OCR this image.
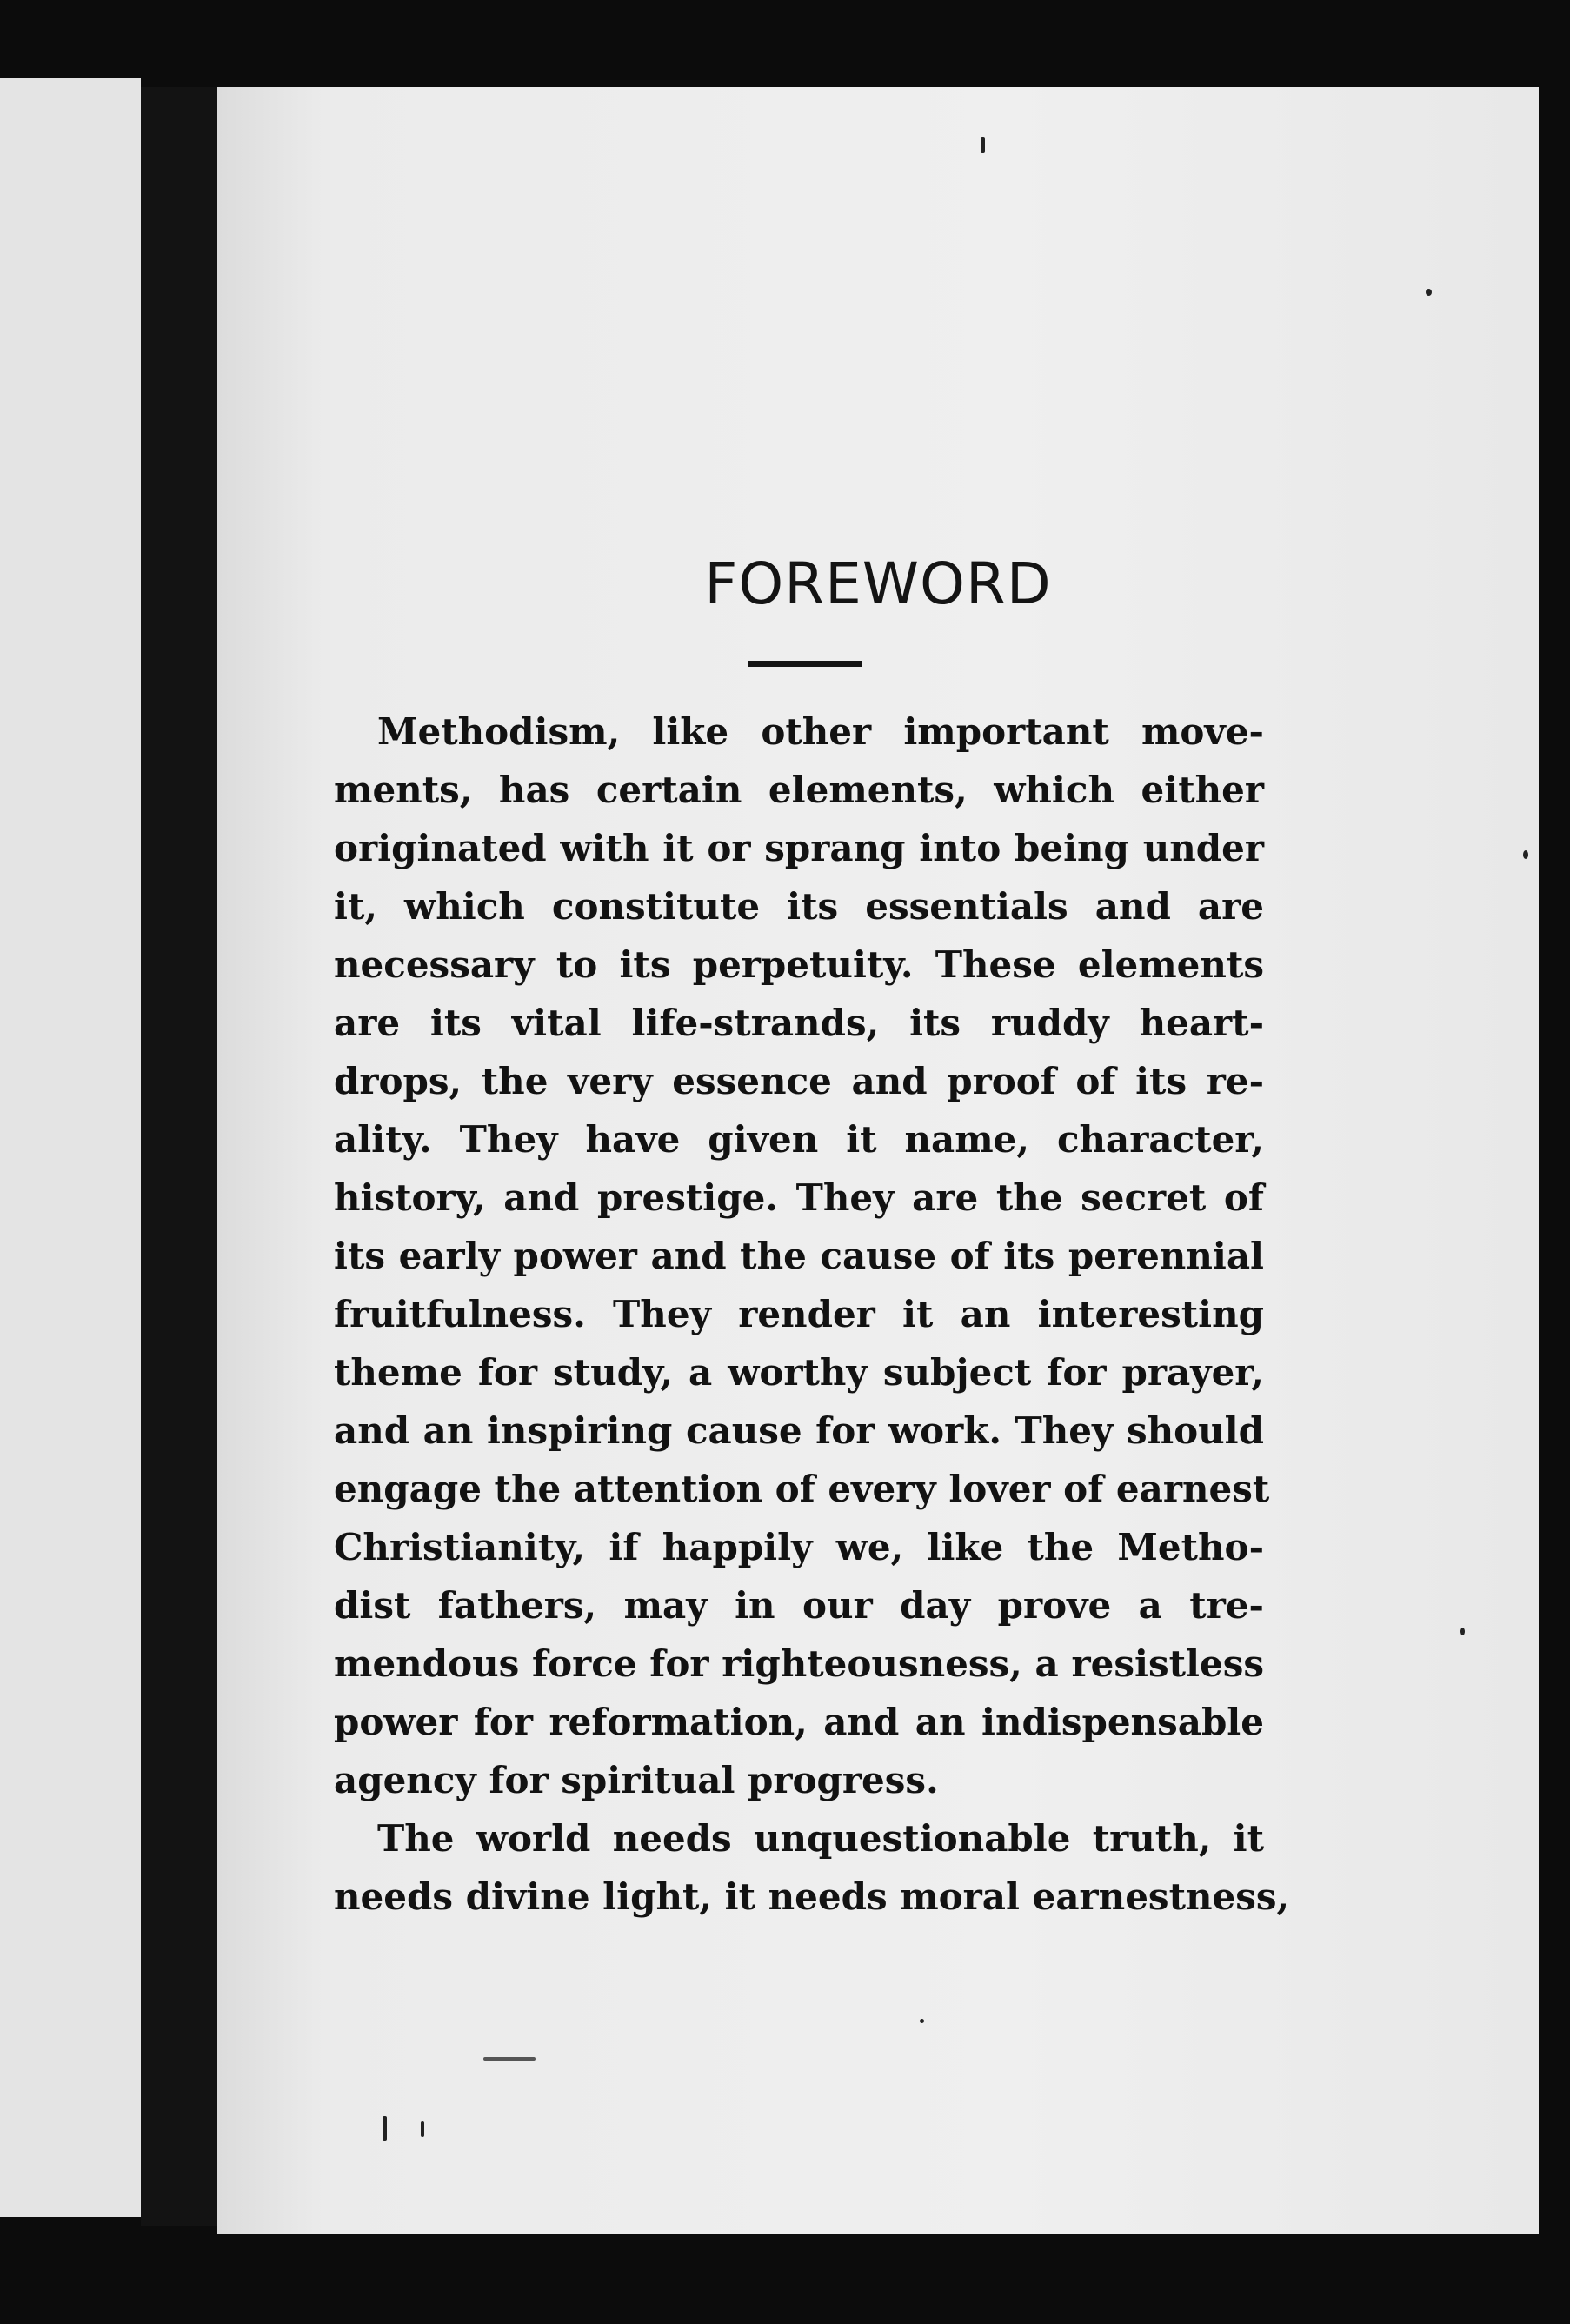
FOREWORD
Methodism, like other important move-
ments, has certain elements, which either
originated with it or sprang into being under
it, which constitute its essentials and are
necessary to its perpetuity. These elements
are its vital life-strands, its ruddy heart-
drops, the very essence and proof of its re-
ality. They have given it name, character,
history, and prestige. They are the secret of
its early power and the cause of its perennial
fruitfulness. They render it an interesting
theme for study, a worthy subject for prayer,
and an inspiring cause for work. They should
engage the attention of every lover of earnest
Christianity, if happily we, like the Metho-
dist fathers, may in our day prove a tre-
mendous force for righteousness, a resistless
power for reformation, and an indispensable
agency for spiritual progress.
The world needs unquestionable truth, it
needs divine light, it needs moral earnestness,
